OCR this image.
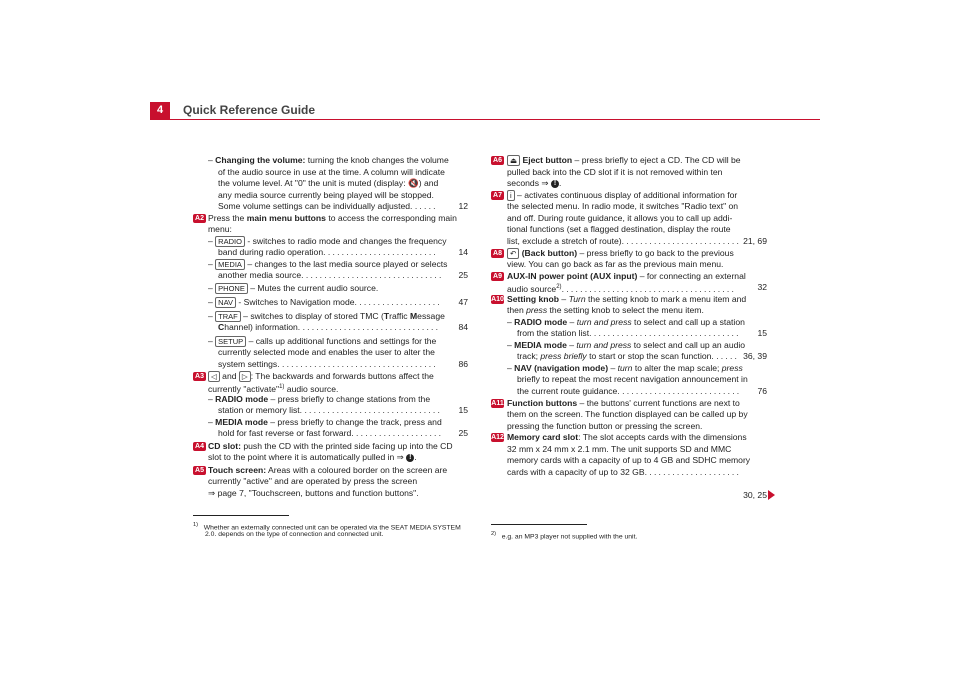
4	Quick Reference Guide
– Changing the volume: turning the knob changes the volume
of the audio source in use at the time. A column will indicate
the volume level. At "0" the unit is muted (display: 🔇) and
any media source currently being played will be stopped.
Some volume settings can be individually adjusted. .....	12
A2 Press the main menu buttons to access the corresponding main
menu:
– RADIO - switches to radio mode and changes the frequency
band during radio operation. ........................	14
– MEDIA – changes to the last media source played or selects
another media source. ..............................	25
– PHONE – Mutes the current audio source.
– NAV - Switches to Navigation mode. ..................	47
– TRAF – switches to display of stored TMC (Traffic Message
Channel) information. ..............................	84
– SETUP – calls up additional functions and settings for the
currently selected mode and enables the user to alter the
system settings. ..................................	86
A3 ◁ and ▷ : The backwards and forwards buttons affect the
currently "activate"$^{1)}$ audio source.
– RADIO mode – press briefly to change stations from the
station or memory list. ..............................	15
– MEDIA mode – press briefly to change the track, press and
hold for fast reverse or fast forward. ...................	25
A4 CD slot: push the CD with the printed side facing up into the CD
slot to the point where it is automatically pulled in ⇒ ! .
A5 Touch screen: Areas with a coloured border on the screen are
currently "active" and are operated by press the screen
⇒ page 7, "Touchscreen, buttons and function buttons".
$^{1)}$ Whether an externally connected unit can be operated via the SEAT MEDIA SYSTEM
2.0. depends on the type of connection and connected unit.
A6	⏏ Eject button – press briefly to eject a CD. The CD will be
pulled back into the CD slot if it is not removed within ten
seconds ⇒ ! .
A7	i – activates continuous display of additional information for
the selected menu. In radio mode, it switches "Radio text" on
and off. During route guidance, it allows you to call up addi-
tional functions (set a flagged destination, display the route
list, exclude a stretch of route). ......................... 21, 69
A8	↶ (Back button) – press briefly to go back to the previous
view. You can go back as far as the previous main menu.
A9 AUX-IN power point (AUX input) – for connecting an external
audio source$^{2)}$. .....................................	32
A10 Setting knob – Turn the setting knob to mark a menu item and
then press the setting knob to select the menu item.
– RADIO mode – turn and press to select and call up a station
from the station list. ................................	15
– MEDIA mode – turn and press to select and call up an audio
track; press briefly to start or stop the scan function. ..... 36, 39
– NAV (navigation mode) – turn to alter the map scale; press
briefly to repeat the most recent navigation announcement in
the current route guidance. ..........................	76
A11 Function buttons – the buttons' current functions are next to
them on the screen. The function displayed can be called up by
pressing the function button or pressing the screen.
A12 Memory card slot: The slot accepts cards with the dimensions
32 mm x 24 mm x 2.1 mm. The unit supports SD and MMC
memory cards with a capacity of up to 4 GB and SDHC memory
cards with a capacity of up to 32 GB. ....................
30, 25
$^{2)}$ e.g. an MP3 player not supplied with the unit.
